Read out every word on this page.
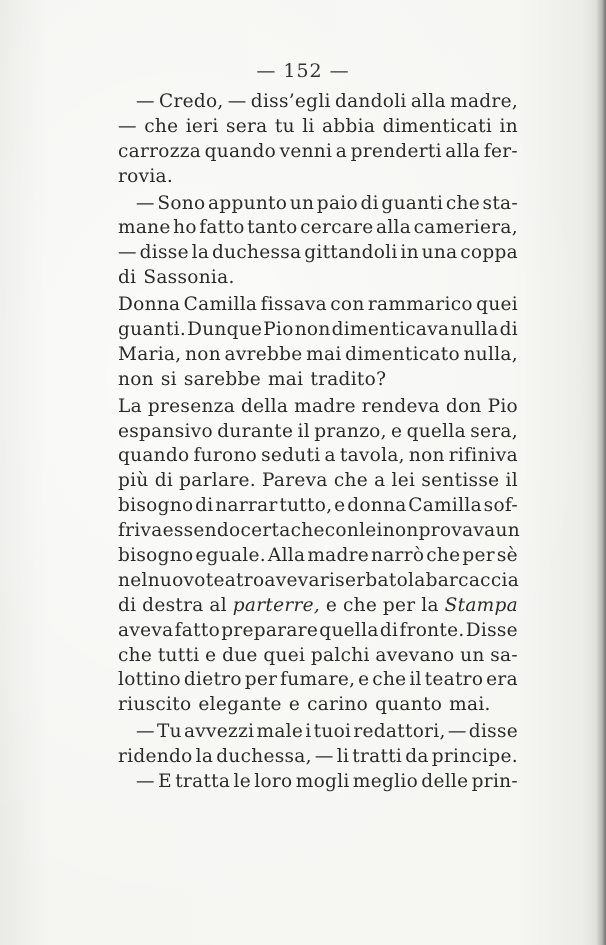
— 152 —
— Credo, — diss’egli dandoli alla madre,
— che ieri sera tu li abbia dimenticati in
carrozza quando venni a prenderti alla fer-
rovia.
— Sono appunto un paio di guanti che sta-
mane ho fatto tanto cercare alla cameriera,
— disse la duchessa gittandoli in una coppa
di Sassonia.
Donna Camilla fissava con rammarico quei
guanti. Dunque Pio non dimenticava nulla di
Maria, non avrebbe mai dimenticato nulla,
non si sarebbe mai tradito?
La presenza della madre rendeva don Pio
espansivo durante il pranzo, e quella sera,
quando furono seduti a tavola, non rifiniva
più di parlare. Pareva che a lei sentisse il
bisogno di narrar tutto, e donna Camilla sof-
friva essendo certa che con lei non provava un
bisogno eguale. Alla madre narrò che per sè
nel nuovo teatro aveva riserbato la barcaccia
di destra al parterre, e che per la Stampa
aveva fatto preparare quella di fronte. Disse
che tutti e due quei palchi avevano un sa-
lottino dietro per fumare, e che il teatro era
riuscito elegante e carino quanto mai.
— Tu avvezzi male i tuoi redattori, — disse
ridendo la duchessa, — li tratti da principe.
— E tratta le loro mogli meglio delle prin-
